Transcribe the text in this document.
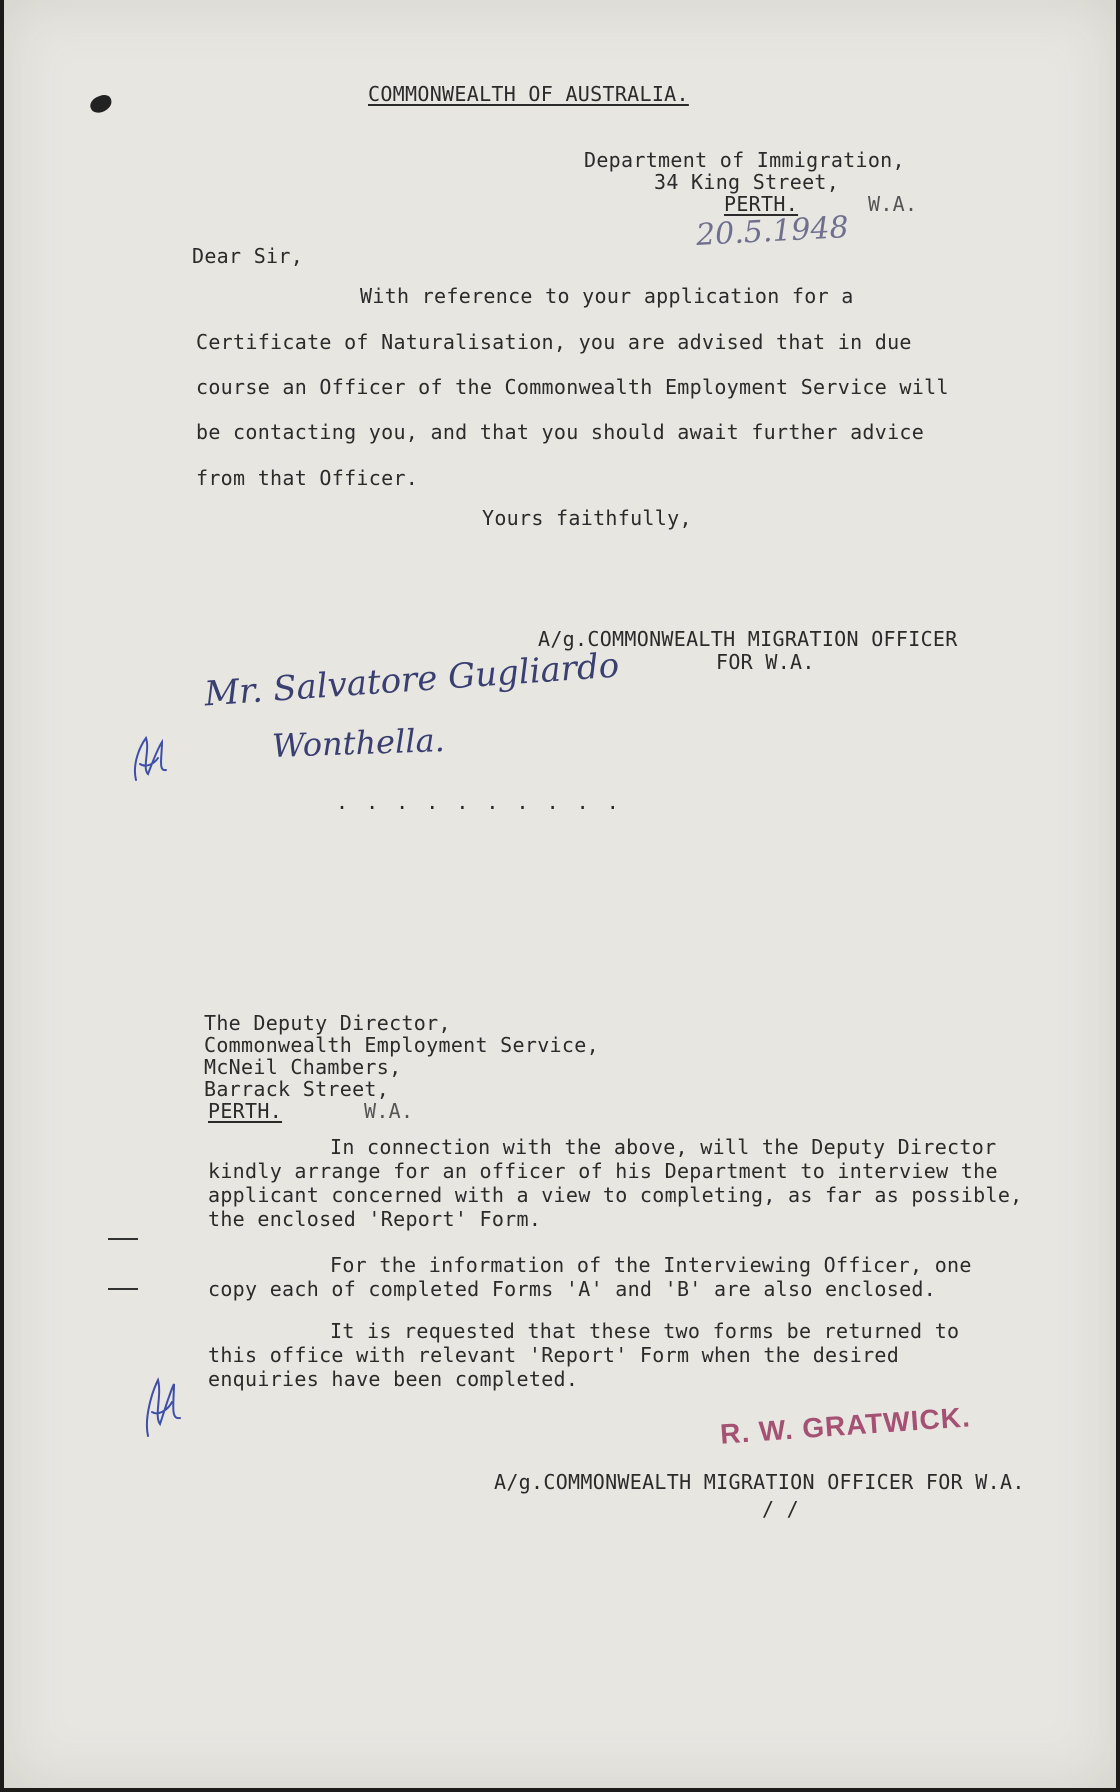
COMMONWEALTH OF AUSTRALIA.
Department of Immigration,
34 King Street,
PERTH.	W.A.
20.5.1948
Dear Sir,
With reference to your application for a
Certificate of Naturalisation, you are advised that in due
course an Officer of the Commonwealth Employment Service will
be contacting you, and that you should await further advice
from that Officer.
Yours faithfully,
A/g.COMMONWEALTH MIGRATION OFFICER
FOR W.A.
Mr. Salvatore Gugliardo
Wonthella.
. . . . . . . . . .
The Deputy Director,
Commonwealth Employment Service,
McNeil Chambers,
Barrack Street,
PERTH.	W.A.
In connection with the above, will the Deputy Director
kindly arrange for an officer of his Department to interview the
applicant concerned with a view to completing, as far as possible,
the enclosed 'Report' Form.
For the information of the Interviewing Officer, one
copy each of completed Forms 'A' and 'B' are also enclosed.
It is requested that these two forms be returned to
this office with relevant 'Report' Form when the desired
enquiries have been completed.
R. W. GRATWICK.
A/g.COMMONWEALTH MIGRATION OFFICER FOR W.A.
/ /
